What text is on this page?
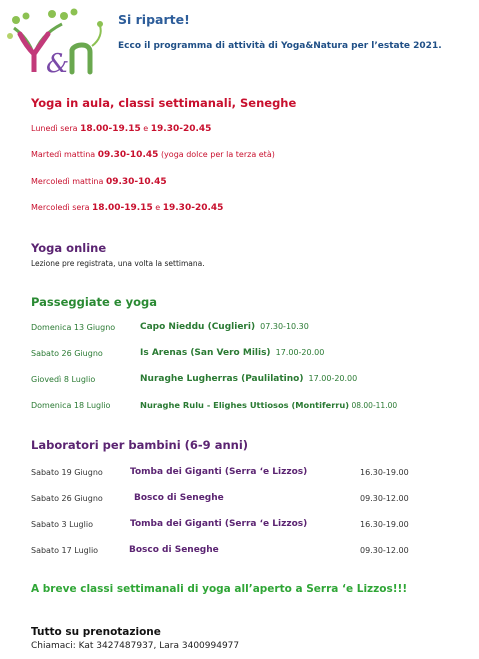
&
Si riparte!
Ecco il programma di attività di Yoga&Natura per l’estate 2021.
Yoga in aula, classi settimanali, Seneghe
Lunedì sera 18.00-19.15 e 19.30-20.45
Martedì mattina 09.30-10.45 (yoga dolce per la terza età)
Mercoledì mattina 09.30-10.45
Mercoledì sera 18.00-19.15 e 19.30-20.45
Yoga online
Lezione pre registrata, una volta la settimana.
Passeggiate e yoga
Domenica 13 Giugno	Capo Nieddu (Cuglieri) 07.30-10.30
Sabato 26 Giugno	Is Arenas (San Vero Milis) 17.00-20.00
Giovedì 8 Luglio	Nuraghe Lugherras (Paulilatino) 17.00-20.00
Domenica 18 Luglio	Nuraghe Rulu - Elighes Uttiosos (Montiferru) 08.00-11.00
Laboratori per bambini (6-9 anni)
Sabato 19 Giugno	Tomba dei Giganti (Serra ‘e Lizzos)	16.30-19.00
Sabato 26 Giugno	Bosco di Seneghe	09.30-12.00
Sabato 3 Luglio	Tomba dei Giganti (Serra ‘e Lizzos)	16.30-19.00
Sabato 17 Luglio	Bosco di Seneghe	09.30-12.00
A breve classi settimanali di yoga all’aperto a Serra ‘e Lizzos!!!
Tutto su prenotazione
Chiamaci: Kat 3427487937, Lara 3400994977
